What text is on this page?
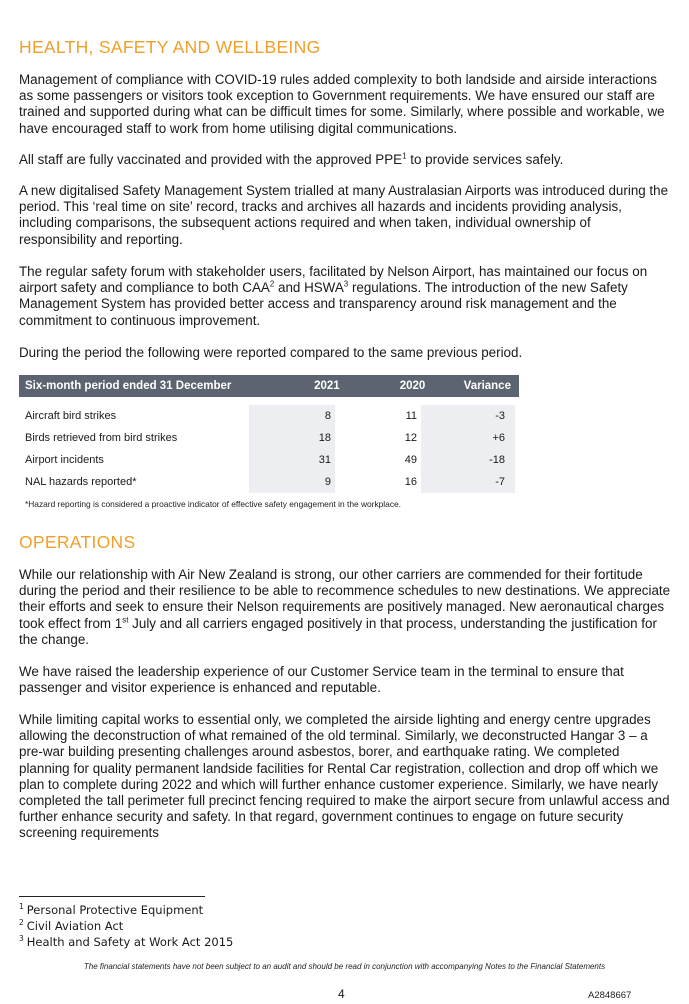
HEALTH, SAFETY AND WELLBEING

Management of compliance with COVID-19 rules added complexity to both landside and airside interactions as some passengers or visitors took exception to Government requirements. We have ensured our staff are trained and supported during what can be difficult times for some. Similarly, where possible and workable, we have encouraged staff to work from home utilising digital communications.

All staff are fully vaccinated and provided with the approved PPE$^1$ to provide services safely.

A new digitalised Safety Management System trialled at many Australasian Airports was introduced during the period. This ‘real time on site’ record, tracks and archives all hazards and incidents providing analysis, including comparisons, the subsequent actions required and when taken, individual ownership of responsibility and reporting.

The regular safety forum with stakeholder users, facilitated by Nelson Airport, has maintained our focus on airport safety and compliance to both CAA$^2$ and HSWA$^3$ regulations. The introduction of the new Safety Management System has provided better access and transparency around risk management and the commitment to continuous improvement.

During the period the following were reported compared to the same previous period.

Six-month period ended 31 December	2021	2020	Variance
Aircraft bird strikes	8	11	-3
Birds retrieved from bird strikes	18	12	+6
Airport incidents	31	49	-18
NAL hazards reported*	9	16	-7
*Hazard reporting is considered a proactive indicator of effective safety engagement in the workplace.
OPERATIONS

While our relationship with Air New Zealand is strong, our other carriers are commended for their fortitude during the period and their resilience to be able to recommence schedules to new destinations. We appreciate their efforts and seek to ensure their Nelson requirements are positively managed. New aeronautical charges took effect from 1st July and all carriers engaged positively in that process, understanding the justification for the change.

We have raised the leadership experience of our Customer Service team in the terminal to ensure that passenger and visitor experience is enhanced and reputable.

While limiting capital works to essential only, we completed the airside lighting and energy centre upgrades allowing the deconstruction of what remained of the old terminal. Similarly, we deconstructed Hangar 3 – a pre-war building presenting challenges around asbestos, borer, and earthquake rating. We completed planning for quality permanent landside facilities for Rental Car registration, collection and drop off which we plan to complete during 2022 and which will further enhance customer experience. Similarly, we have nearly completed the tall perimeter full precinct fencing required to make the airport secure from unlawful access and further enhance security and safety. In that regard, government continues to engage on future security screening requirements

$^1$ Personal Protective Equipment
$^2$ Civil Aviation Act
$^3$ Health and Safety at Work Act 2015
The financial statements have not been subject to an audit and should be read in conjunction with accompanying Notes to the Financial Statements
4	A2848667
